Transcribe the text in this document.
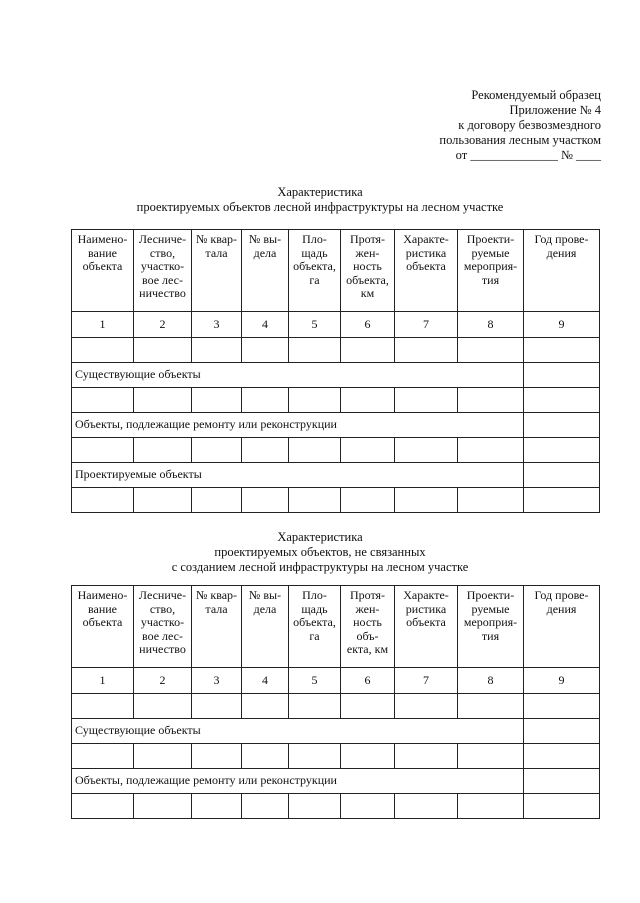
Рекомендуемый образец
Приложение № 4
к договору безвозмездного
пользования лесным участком
от ______________ № ____
Характеристика
проектируемых объектов лесной инфраструктуры на лесном участке
Наимено-
вание
объекта	Лесниче-
ство,
участко-
вое лес-
ничество	№ квар-
тала	№ вы-
дела	Пло-
щадь
объекта,
га	Протя-
жен-
ность
объекта,
км	Характе-
ристика
объекта	Проекти-
руемые
мероприя-
тия	Год прове-
дения

1	2	3	4	5	6	7	8	9

Существующие объекты								

Объекты, подлежащие ремонту или реконструкции								

Проектируемые объекты								

Характеристика
проектируемых объектов, не связанных
с созданием лесной инфраструктуры на лесном участке
Наимено-
вание
объекта	Лесниче-
ство,
участко-
вое лес-
ничество	№ квар-
тала	№ вы-
дела	Пло-
щадь
объекта,
га	Протя-
жен-
ность
объ-
екта, км	Характе-
ристика
объекта	Проекти-
руемые
мероприя-
тия	Год прове-
дения

1	2	3	4	5	6	7	8	9

Существующие объекты								

Объекты, подлежащие ремонту или реконструкции								
